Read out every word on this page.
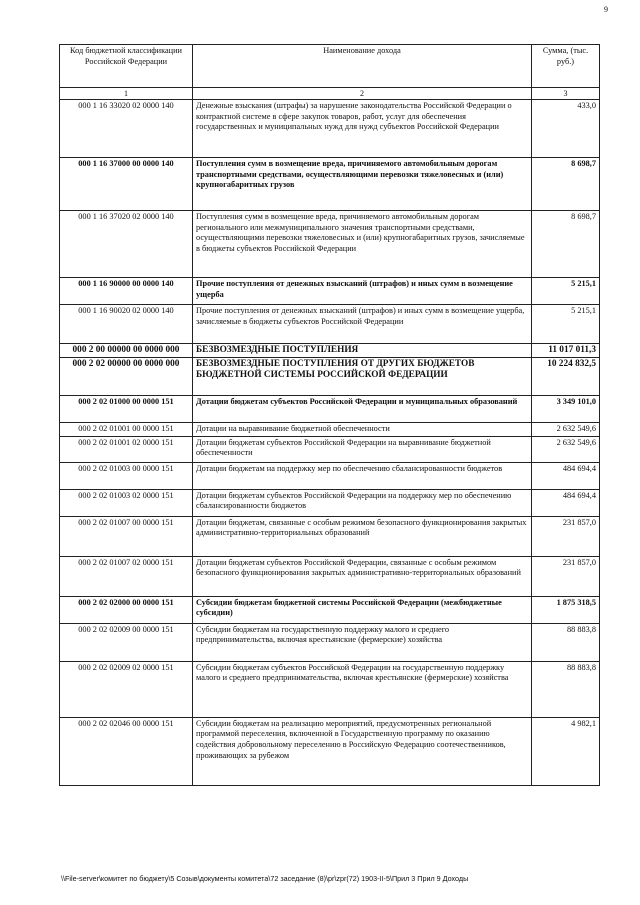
9
Код бюджетной классификации Российской Федерации	Наименование дохода	Сумма, (тыс. руб.)
1	2	3
000 1 16 33020 02 0000 140	Денежные взыскания (штрафы) за нарушение законодательства Российской Федерации о контрактной системе в сфере закупок товаров, работ, услуг для обеспечения государственных и муниципальных нужд для нужд субъектов Российской Федерации	433,0
000 1 16 37000 00 0000 140	Поступления сумм в возмещение вреда, причиняемого автомобильным дорогам транспортными средствами, осуществляющими перевозки тяжеловесных и (или) крупногабаритных грузов	8 698,7
000 1 16 37020 02 0000 140	Поступления сумм в возмещение вреда, причиняемого автомобильным дорогам регионального или межмуниципального значения транспортными средствами, осуществляющими перевозки тяжеловесных и (или) крупногабаритных грузов, зачисляемые в бюджеты субъектов Российской Федерации	8 698,7
000 1 16 90000 00 0000 140	Прочие поступления от денежных взысканий (штрафов) и иных сумм в возмещение ущерба	5 215,1
000 1 16 90020 02 0000 140	Прочие поступления от денежных взысканий (штрафов) и иных сумм в возмещение ущерба, зачисляемые в бюджеты субъектов Российской Федерации	5 215,1
000 2 00 00000 00 0000 000	БЕЗВОЗМЕЗДНЫЕ ПОСТУПЛЕНИЯ	11 017 011,3
000 2 02 00000 00 0000 000	БЕЗВОЗМЕЗДНЫЕ ПОСТУПЛЕНИЯ ОТ ДРУГИХ БЮДЖЕТОВ БЮДЖЕТНОЙ СИСТЕМЫ РОССИЙСКОЙ ФЕДЕРАЦИИ	10 224 832,5
000 2 02 01000 00 0000 151	Дотации бюджетам субъектов Российской Федерации и муниципальных образований	3 349 101,0
000 2 02 01001 00 0000 151	Дотации на выравнивание бюджетной обеспеченности	2 632 549,6
000 2 02 01001 02 0000 151	Дотации бюджетам субъектов Российской Федерации на выравнивание бюджетной обеспеченности	2 632 549,6
000 2 02 01003 00 0000 151	Дотации бюджетам на поддержку мер по обеспечению сбалансированности бюджетов	484 694,4
000 2 02 01003 02 0000 151	Дотации бюджетам субъектов Российской Федерации на поддержку мер по обеспечению сбалансированности бюджетов	484 694,4
000 2 02 01007 00 0000 151	Дотации бюджетам, связанные с особым режимом безопасного функционирования закрытых административно-территориальных образований	231 857,0
000 2 02 01007 02 0000 151	Дотации бюджетам субъектов Российской Федерации, связанные с особым режимом безопасного функционирования закрытых административно-территориальных образований	231 857,0
000 2 02 02000 00 0000 151	Субсидии бюджетам бюджетной системы Российской Федерации (межбюджетные субсидии)	1 875 318,5
000 2 02 02009 00 0000 151	Субсидии бюджетам на государственную поддержку малого и среднего предпринимательства, включая крестьянские (фермерские) хозяйства	88 883,8
000 2 02 02009 02 0000 151	Субсидии бюджетам субъектов Российской Федерации на государственную поддержку малого и среднего предпринимательства, включая крестьянские (фермерские) хозяйства	88 883,8
000 2 02 02046 00 0000 151	Субсидии бюджетам на реализацию мероприятий, предусмотренных региональной программой переселения, включенной в Государственную программу по оказанию содействия добровольному переселению в Российскую Федерацию соотечественников, проживающих за рубежом	4 982,1
\\File-server\комитет по бюджету\5 Созыв\документы комитета\72 заседание (8)\pr\zpr(72) 1903-II-5\Прил 3 Прил 9 Доходы
